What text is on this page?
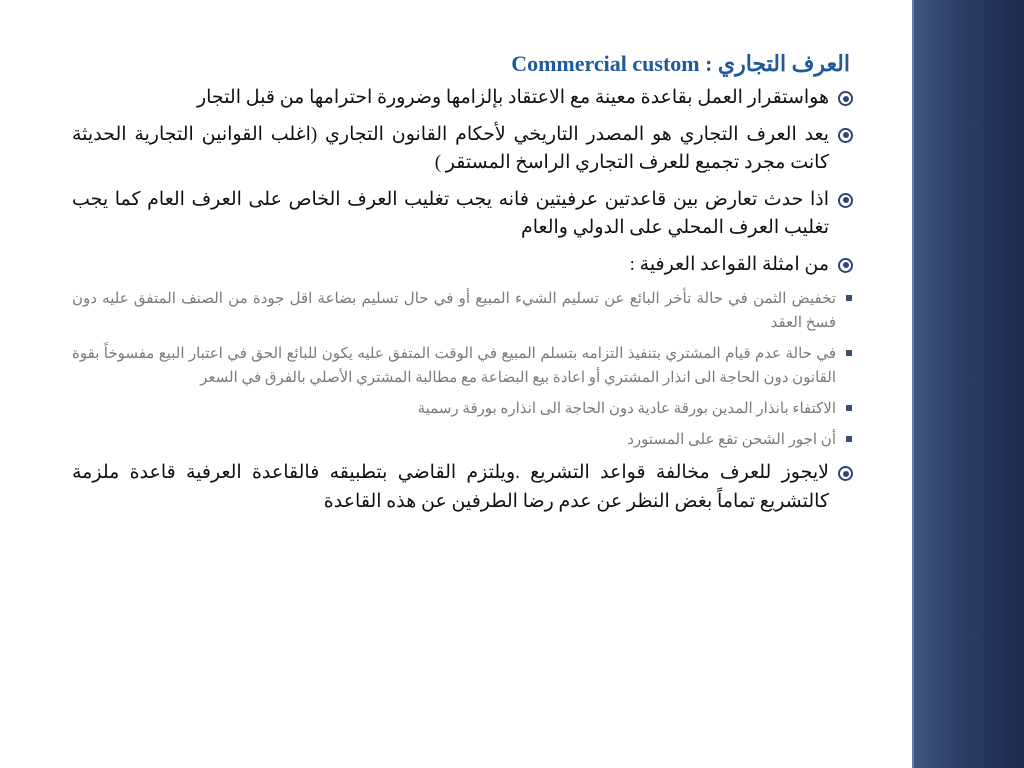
العرف التجاري : Commercial custom
هواستقرار العمل بقاعدة معينة مع الاعتقاد بإلزامها وضرورة احترامها من قبل التجار
يعد العرف التجاري هو المصدر التاريخي لأحكام القانون التجاري (اغلب القوانين التجارية الحديثة كانت مجرد تجميع للعرف التجاري الراسخ المستقر )
اذا حدث تعارض بين قاعدتين عرفيتين فانه يجب تغليب العرف الخاص على العرف العام كما يجب تغليب العرف المحلي على الدولي والعام
من امثلة القواعد العرفية :
تخفيض الثمن في حالة تأخر البائع عن تسليم الشيء المبيع أو في حال تسليم بضاعة اقل جودة من الصنف المتفق عليه دون فسخ العقد
في حالة عدم قيام المشتري بتنفيذ التزامه بتسلم المبيع في الوقت المتفق عليه يكون للبائع الحق في اعتبار البيع مفسوخاً بقوة القانون دون الحاجة الى انذار المشتري أو اعادة بيع البضاعة مع مطالبة المشتري الأصلي بالفرق في السعر
الاكتفاء بانذار المدين بورقة عادية دون الحاجة الى انذاره بورقة رسمية
أن اجور الشحن تقع على المستورد
لايجوز للعرف مخالفة قواعد التشريع .ويلتزم القاضي بتطبيقه فالقاعدة العرفية قاعدة ملزمة كالتشريع تماماً بغض النظر عن عدم رضا الطرفين عن هذه القاعدة
